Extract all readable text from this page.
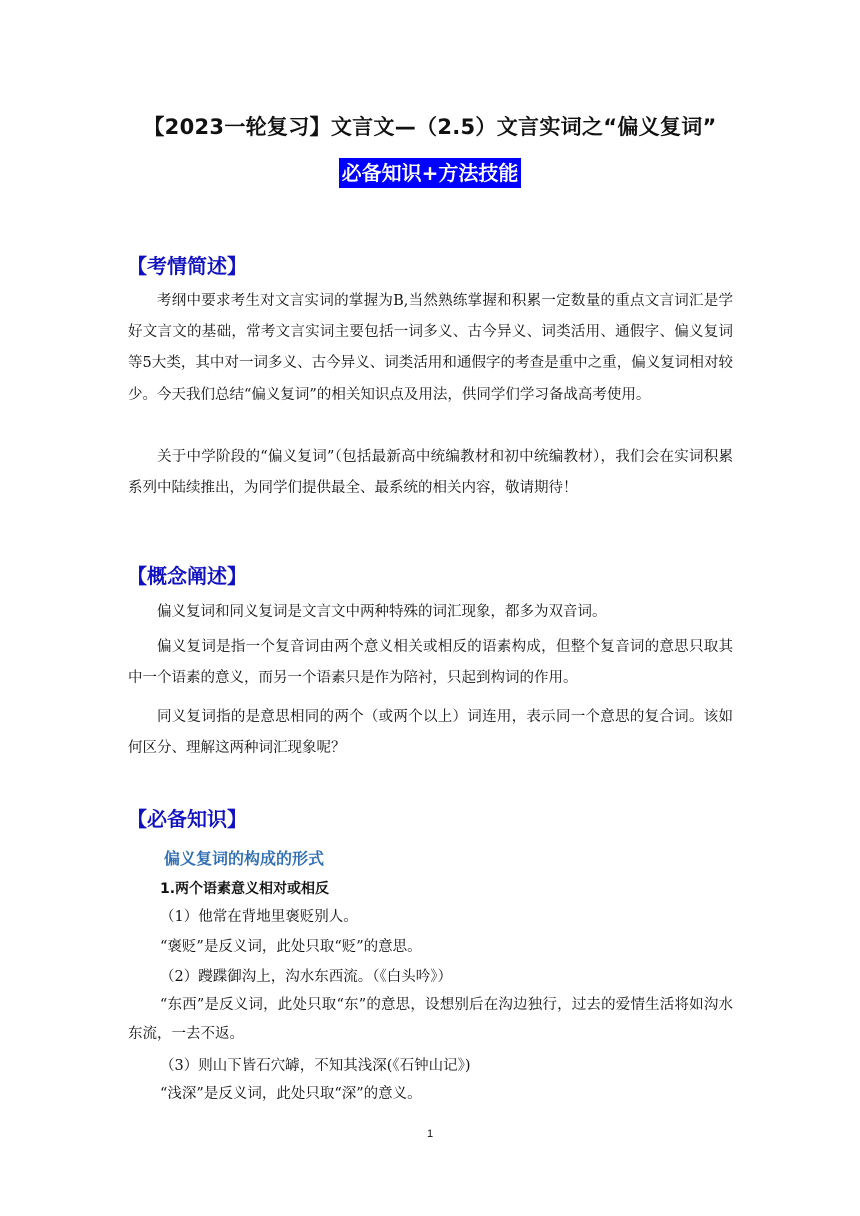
【2023一轮复习】文言文—（2.5）文言实词之“偏义复词”
必备知识+方法技能
【考情简述】

考纲中要求考生对文言实词的掌握为B,当然熟练掌握和积累一定数量的重点文言词汇是学好文言文的基础，常考文言实词主要包括一词多义、古今异义、词类活用、通假字、偏义复词等5大类，其中对一词多义、古今异义、词类活用和通假字的考查是重中之重，偏义复词相对较少。今天我们总结“偏义复词”的相关知识点及用法，供同学们学习备战高考使用。

关于中学阶段的“偏义复词”（包括最新高中统编教材和初中统编教材），我们会在实词积累系列中陆续推出，为同学们提供最全、最系统的相关内容，敬请期待！

【概念阐述】

偏义复词和同义复词是文言文中两种特殊的词汇现象，都多为双音词。

偏义复词是指一个复音词由两个意义相关或相反的语素构成，但整个复音词的意思只取其中一个语素的意义，而另一个语素只是作为陪衬，只起到构词的作用。

同义复词指的是意思相同的两个（或两个以上）词连用，表示同一个意思的复合词。该如何区分、理解这两种词汇现象呢？

【必备知识】
偏义复词的构成的形式
1.两个语素意义相对或相反
（1）他常在背地里褒贬别人。
“褒贬”是反义词，此处只取“贬”的意思。
（2）躞蹀御沟上，沟水东西流。（《白头吟》）

“东西”是反义词，此处只取“东”的意思，设想别后在沟边独行，过去的爱情生活将如沟水东流，一去不返。

（3）则山下皆石穴罅，不知其浅深(《石钟山记》)
“浅深”是反义词，此处只取“深”的意义。
1
